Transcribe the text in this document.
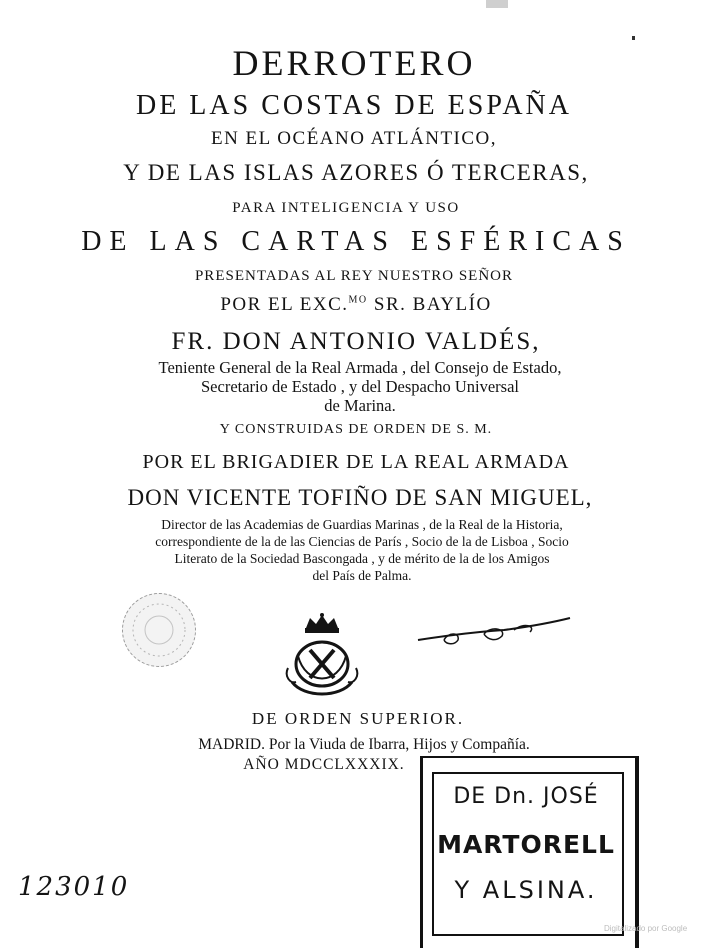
DERROTERO
DE LAS COSTAS DE ESPAÑA
EN EL OCÉANO ATLÁNTICO,
Y DE LAS ISLAS AZORES Ó TERCERAS,
PARA INTELIGENCIA Y USO
DE LAS CARTAS ESFÉRICAS
PRESENTADAS AL REY NUESTRO SEÑOR
POR EL EXC.$^{MO}$ SR. BAYLÍO
FR. DON ANTONIO VALDÉS,
Teniente General de la Real Armada , del Consejo de Estado,
Secretario de Estado , y del Despacho Universal
de Marina.
Y CONSTRUIDAS DE ORDEN DE S. M.
POR EL BRIGADIER DE LA REAL ARMADA
DON VICENTE TOFIÑO DE SAN MIGUEL,
Director de las Academias de Guardias Marinas , de la Real de la Historia,
correspondiente de la de las Ciencias de París , Socio de la de Lisboa , Socio
Literato de la Sociedad Bascongada , y de mérito de la de los Amigos
del País de Palma.
DE ORDEN SUPERIOR.
MADRID. Por la Viuda de Ibarra, Hijos y Compañía.
AÑO MDCCLXXXIX.
DE Dn. JOSÉ
MARTORELL
Y ALSINA.
123010
Digitalizado por Google
